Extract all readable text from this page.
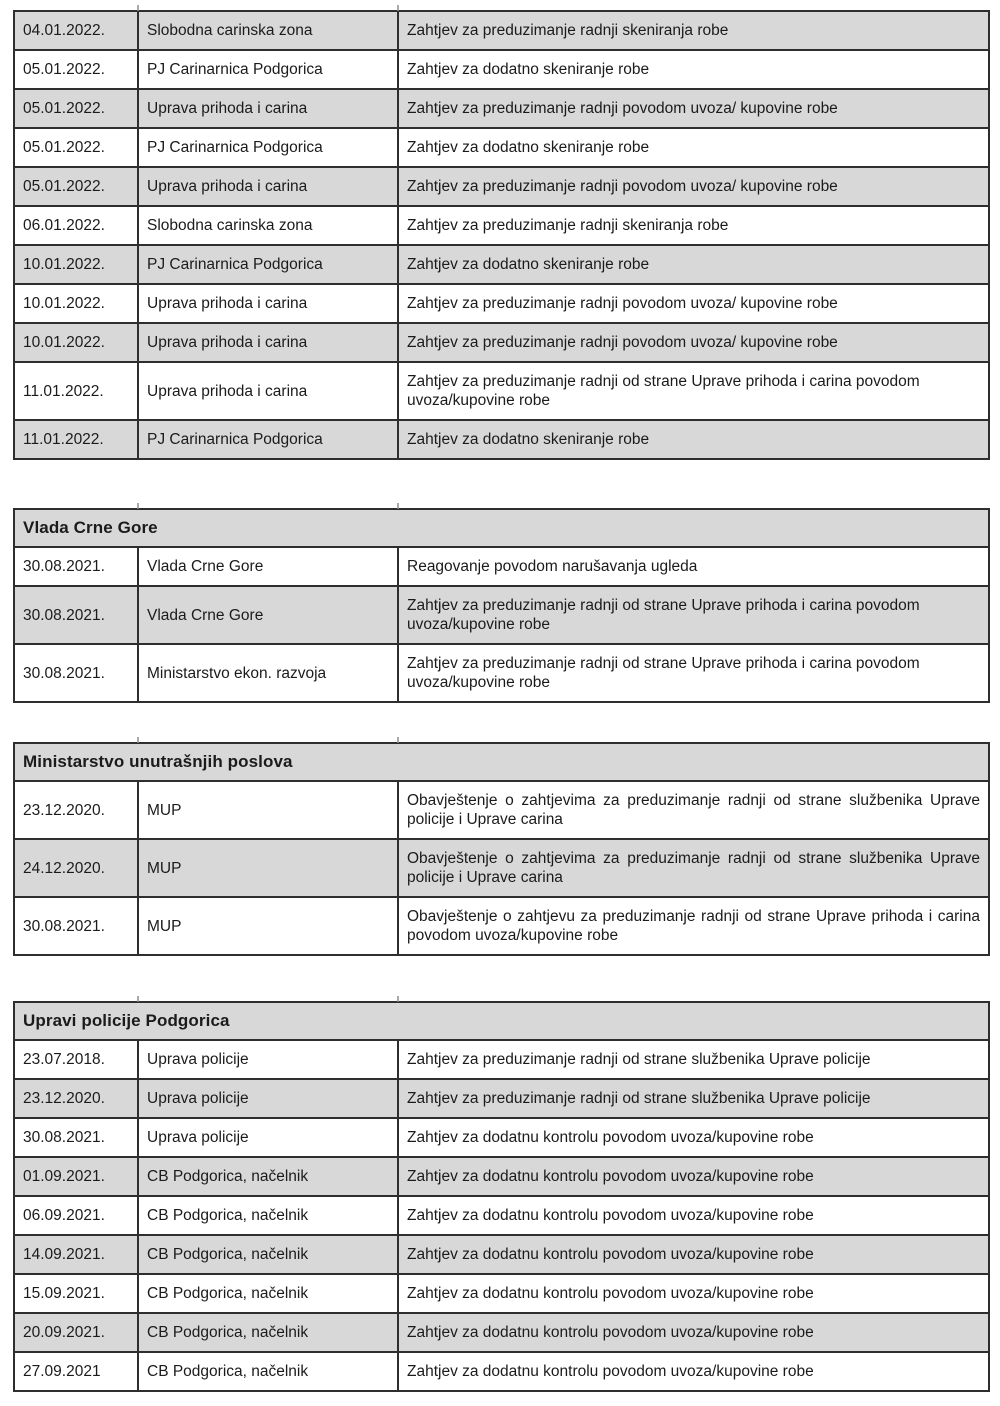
04.01.2022.	Slobodna carinska zona	Zahtjev za preduzimanje radnji skeniranja robe
05.01.2022.	PJ Carinarnica Podgorica	Zahtjev za dodatno skeniranje robe
05.01.2022.	Uprava prihoda i carina	Zahtjev za preduzimanje radnji povodom uvoza/ kupovine robe
05.01.2022.	PJ Carinarnica Podgorica	Zahtjev za dodatno skeniranje robe
05.01.2022.	Uprava prihoda i carina	Zahtjev za preduzimanje radnji povodom uvoza/ kupovine robe
06.01.2022.	Slobodna carinska zona	Zahtjev za preduzimanje radnji skeniranja robe
10.01.2022.	PJ Carinarnica Podgorica	Zahtjev za dodatno skeniranje robe
10.01.2022.	Uprava prihoda i carina	Zahtjev za preduzimanje radnji povodom uvoza/ kupovine robe
10.01.2022.	Uprava prihoda i carina	Zahtjev za preduzimanje radnji povodom uvoza/ kupovine robe
11.01.2022.	Uprava prihoda i carina	Zahtjev za preduzimanje radnji od strane Uprave prihoda i carina povodom uvoza/kupovine robe
11.01.2022.	PJ Carinarnica Podgorica	Zahtjev za dodatno skeniranje robe
Vlada Crne Gore		
30.08.2021.	Vlada Crne Gore	Reagovanje povodom narušavanja ugleda
30.08.2021.	Vlada Crne Gore	Zahtjev za preduzimanje radnji od strane Uprave prihoda i carina povodom uvoza/kupovine robe
30.08.2021.	Ministarstvo ekon. razvoja	Zahtjev za preduzimanje radnji od strane Uprave prihoda i carina povodom uvoza/kupovine robe
Ministarstvo unutrašnjih poslova		
23.12.2020.	MUP	Obavještenje o zahtjevima za preduzimanje radnji od strane službenika Uprave policije i Uprave carina
24.12.2020.	MUP	Obavještenje o zahtjevima za preduzimanje radnji od strane službenika Uprave policije i Uprave carina
30.08.2021.	MUP	Obavještenje o zahtjevu za preduzimanje radnji od strane Uprave prihoda i carina povodom uvoza/kupovine robe
Upravi policije Podgorica		
23.07.2018.	Uprava policije	Zahtjev za preduzimanje radnji od strane službenika Uprave policije
23.12.2020.	Uprava policije	Zahtjev za preduzimanje radnji od strane službenika Uprave policije
30.08.2021.	Uprava policije	Zahtjev za dodatnu kontrolu povodom uvoza/kupovine robe
01.09.2021.	CB Podgorica, načelnik	Zahtjev za dodatnu kontrolu povodom uvoza/kupovine robe
06.09.2021.	CB Podgorica, načelnik	Zahtjev za dodatnu kontrolu povodom uvoza/kupovine robe
14.09.2021.	CB Podgorica, načelnik	Zahtjev za dodatnu kontrolu povodom uvoza/kupovine robe
15.09.2021.	CB Podgorica, načelnik	Zahtjev za dodatnu kontrolu povodom uvoza/kupovine robe
20.09.2021.	CB Podgorica, načelnik	Zahtjev za dodatnu kontrolu povodom uvoza/kupovine robe
27.09.2021	CB Podgorica, načelnik	Zahtjev za dodatnu kontrolu povodom uvoza/kupovine robe
